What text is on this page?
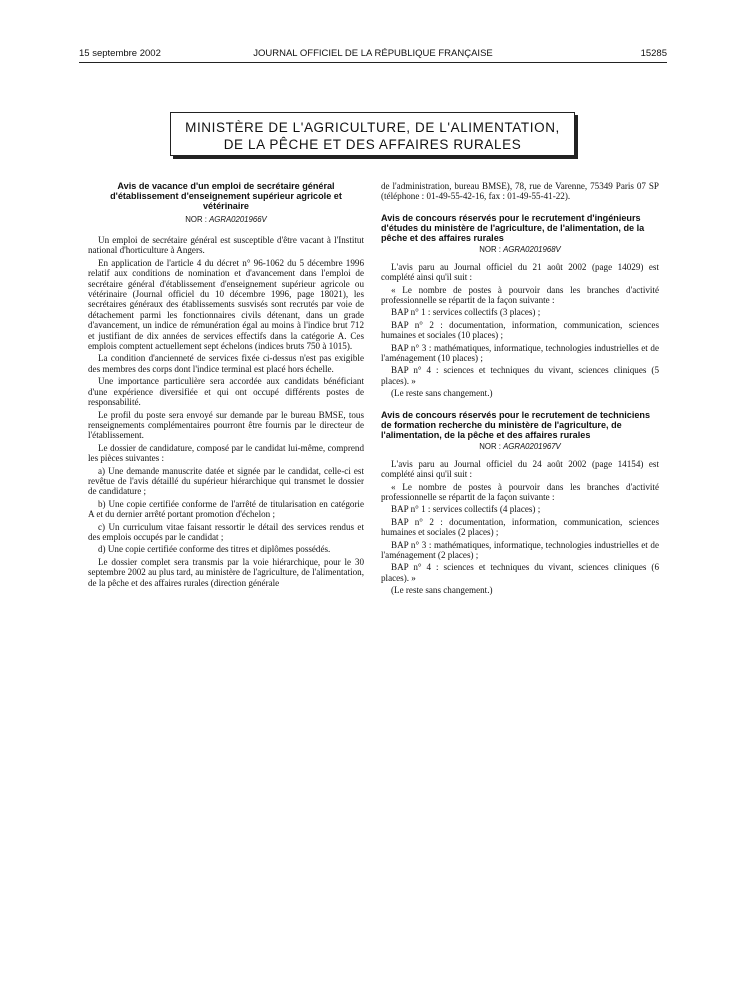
15 septembre 2002	JOURNAL OFFICIEL DE LA RÉPUBLIQUE FRANÇAISE	15285
MINISTÈRE DE L'AGRICULTURE, DE L'ALIMENTATION,
DE LA PÊCHE ET DES AFFAIRES RURALES
Avis de vacance d'un emploi de secrétaire général d'établissement d'enseignement supérieur agricole et vétérinaire
NOR : AGRA0201966V

Un emploi de secrétaire général est susceptible d'être vacant à l'Institut national d'horticulture à Angers.

En application de l'article 4 du décret n° 96-1062 du 5 décembre 1996 relatif aux conditions de nomination et d'avancement dans l'emploi de secrétaire général d'établissement d'enseignement supérieur agricole ou vétérinaire (Journal officiel du 10 décembre 1996, page 18021), les secrétaires généraux des établissements susvisés sont recrutés par voie de détachement parmi les fonctionnaires civils détenant, dans un grade d'avancement, un indice de rémunération égal au moins à l'indice brut 712 et justifiant de dix années de services effectifs dans la catégorie A. Ces emplois comptent actuellement sept échelons (indices bruts 750 à 1015).

La condition d'ancienneté de services fixée ci-dessus n'est pas exigible des membres des corps dont l'indice terminal est placé hors échelle.

Une importance particulière sera accordée aux candidats bénéficiant d'une expérience diversifiée et qui ont occupé différents postes de responsabilité.

Le profil du poste sera envoyé sur demande par le bureau BMSE, tous renseignements complémentaires pourront être fournis par le directeur de l'établissement.

Le dossier de candidature, composé par le candidat lui-même, comprend les pièces suivantes :

a) Une demande manuscrite datée et signée par le candidat, celle-ci est revêtue de l'avis détaillé du supérieur hiérarchique qui transmet le dossier de candidature ;

b) Une copie certifiée conforme de l'arrêté de titularisation en catégorie A et du dernier arrêté portant promotion d'échelon ;

c) Un curriculum vitae faisant ressortir le détail des services rendus et des emplois occupés par le candidat ;

d) Une copie certifiée conforme des titres et diplômes possédés.

Le dossier complet sera transmis par la voie hiérarchique, pour le 30 septembre 2002 au plus tard, au ministère de l'agriculture, de l'alimentation, de la pêche et des affaires rurales (direction générale

de l'administration, bureau BMSE), 78, rue de Varenne, 75349 Paris 07 SP (téléphone : 01-49-55-42-16, fax : 01-49-55-41-22).

Avis de concours réservés pour le recrutement d'ingénieurs d'études du ministère de l'agriculture, de l'alimentation, de la pêche et des affaires rurales
NOR : AGRA0201968V

L'avis paru au Journal officiel du 21 août 2002 (page 14029) est complété ainsi qu'il suit :

« Le nombre de postes à pourvoir dans les branches d'activité professionnelle se répartit de la façon suivante :

BAP n° 1 : services collectifs (3 places) ;

BAP n° 2 : documentation, information, communication, sciences humaines et sociales (10 places) ;

BAP n° 3 : mathématiques, informatique, technologies industrielles et de l'aménagement (10 places) ;

BAP n° 4 : sciences et techniques du vivant, sciences cliniques (5 places). »

(Le reste sans changement.)

Avis de concours réservés pour le recrutement de techniciens de formation recherche du ministère de l'agriculture, de l'alimentation, de la pêche et des affaires rurales
NOR : AGRA0201967V

L'avis paru au Journal officiel du 24 août 2002 (page 14154) est complété ainsi qu'il suit :

« Le nombre de postes à pourvoir dans les branches d'activité professionnelle se répartit de la façon suivante :

BAP n° 1 : services collectifs (4 places) ;

BAP n° 2 : documentation, information, communication, sciences humaines et sociales (2 places) ;

BAP n° 3 : mathématiques, informatique, technologies industrielles et de l'aménagement (2 places) ;

BAP n° 4 : sciences et techniques du vivant, sciences cliniques (6 places). »

(Le reste sans changement.)
